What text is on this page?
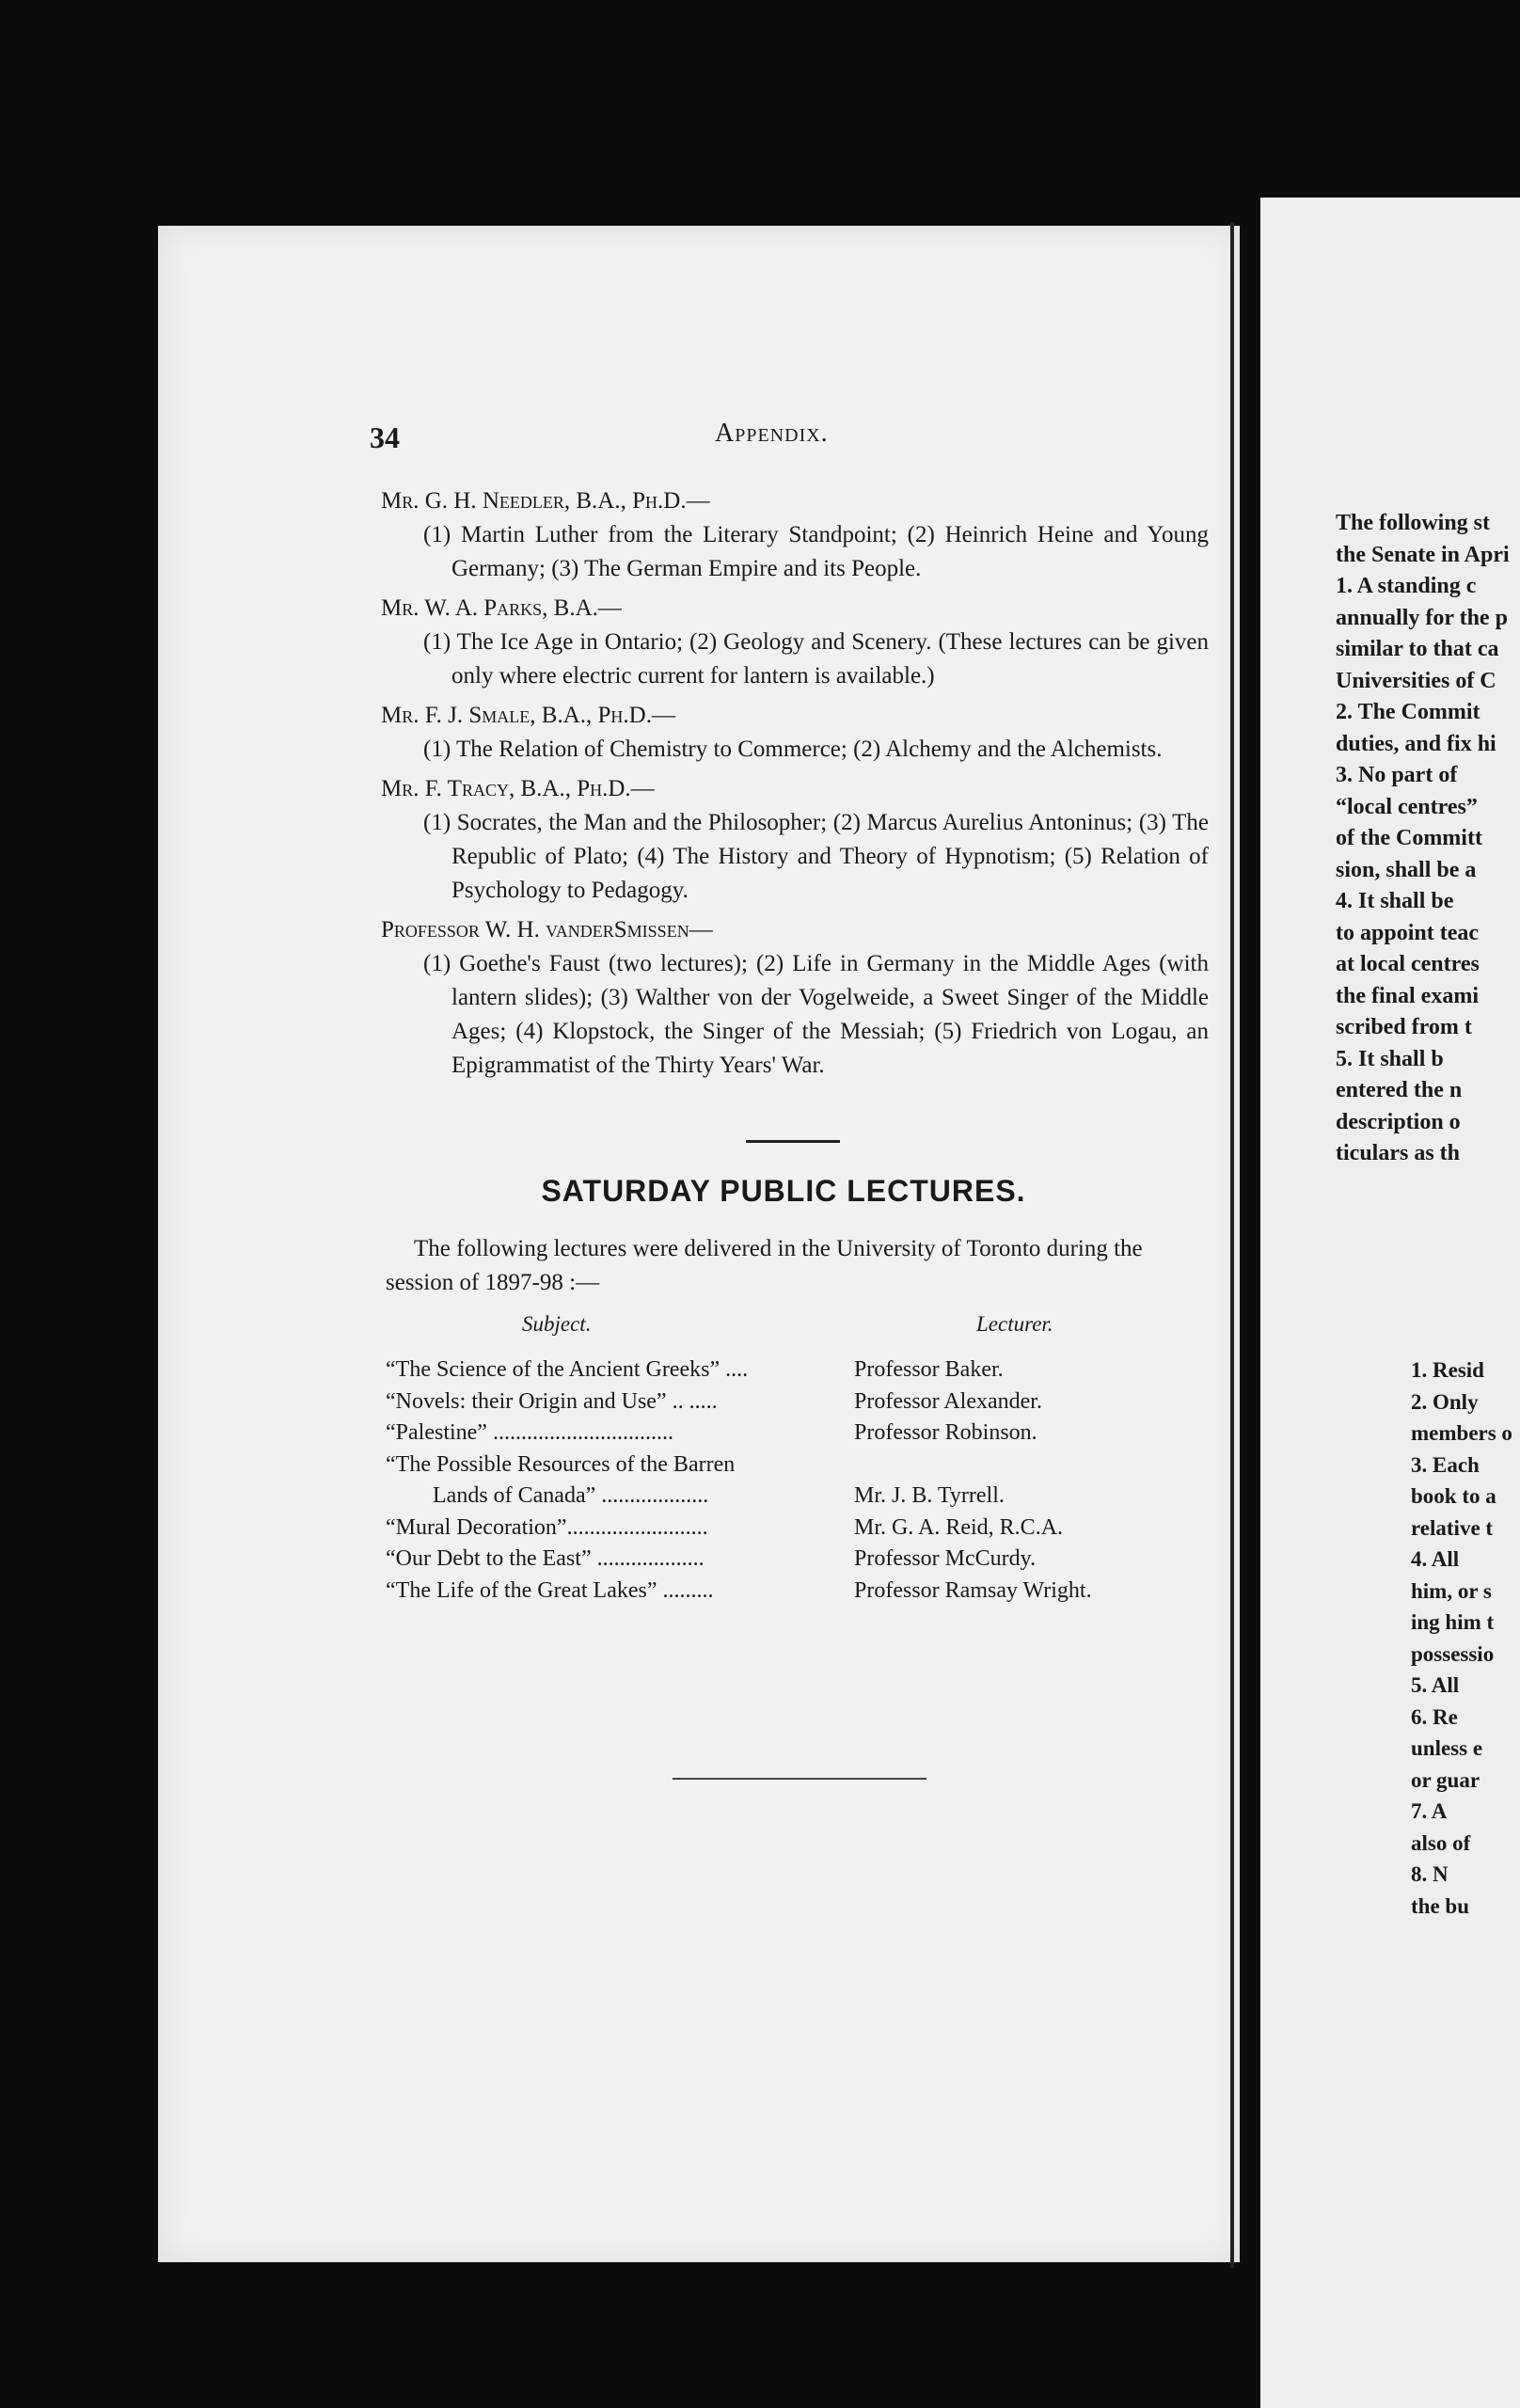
34	Appendix.
Mr. G. H. Needler, B.A., Ph.D.—
(1) Martin Luther from the Literary Standpoint; (2) Heinrich Heine and Young Germany; (3) The German Empire and its People.
Mr. W. A. Parks, B.A.—
(1) The Ice Age in Ontario; (2) Geology and Scenery. (These lectures can be given only where electric current for lantern is available.)
Mr. F. J. Smale, B.A., Ph.D.—
(1) The Relation of Chemistry to Commerce; (2) Alchemy and the Alchemists.
Mr. F. Tracy, B.A., Ph.D.—
(1) Socrates, the Man and the Philosopher; (2) Marcus Aurelius Antoninus; (3) The Republic of Plato; (4) The History and Theory of Hypnotism; (5) Relation of Psychology to Pedagogy.
Professor W. H. vanderSmissen—
(1) Goethe's Faust (two lectures); (2) Life in Germany in the Middle Ages (with lantern slides); (3) Walther von der Vogelweide, a Sweet Singer of the Middle Ages; (4) Klopstock, the Singer of the Messiah; (5) Friedrich von Logau, an Epigrammatist of the Thirty Years' War.
SATURDAY PUBLIC LECTURES.
The following lectures were delivered in the University of Toronto during the session of 1897-98 :—
Subject.	Lecturer.
“The Science of the Ancient Greeks” ....	Professor Baker.
“Novels: their Origin and Use” .. .....	Professor Alexander.
“Palestine” ................................	Professor Robinson.
“The Possible Resources of the Barren
Lands of Canada” ...................	Mr. J. B. Tyrrell.
“Mural Decoration”.........................	Mr. G. A. Reid, R.C.A.
“Our Debt to the East” ...................	Professor McCurdy.
“The Life of the Great Lakes” .........	Professor Ramsay Wright.
The following st
the Senate in Apri
1. A standing c
annually for the p
similar to that ca
Universities of C
2. The Commit
duties, and fix hi
3. No part of
“local centres”
of the Committ
sion, shall be a
4. It shall be
to appoint teac
at local centres
the final exami
scribed from t
5. It shall b
entered the n
description o
ticulars as th
1. Resid
2. Only
members o
3. Each
book to a
relative t
4. All
him, or s
ing him t
possessio
5. All
6. Re
unless e
or guar
7. A
also of
8. N
the bu
